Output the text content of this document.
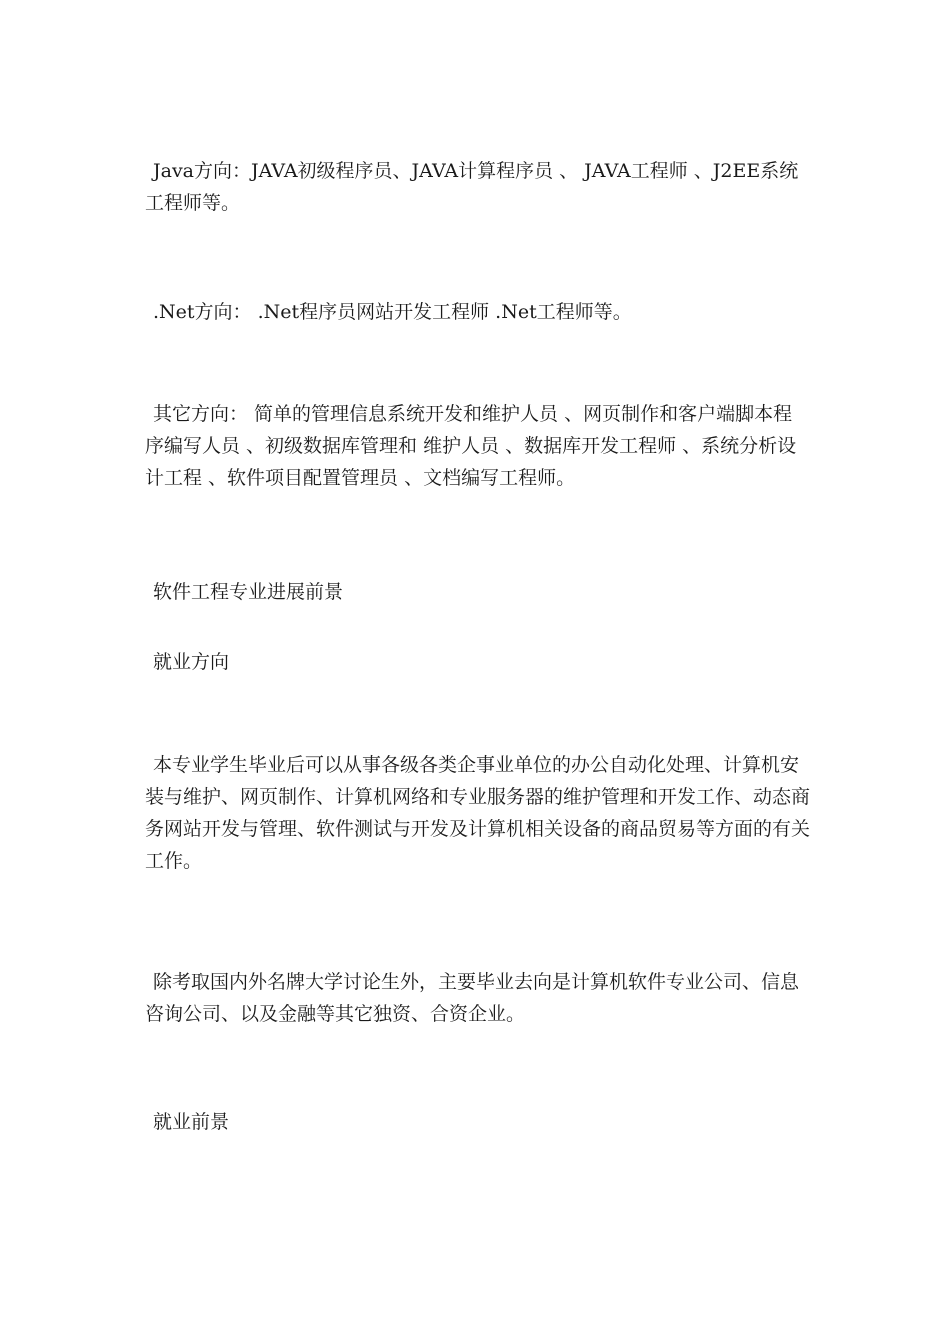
Java方向：JAVA初级程序员、JAVA计算程序员 、 JAVA工程师 、J2EE系统工程师等。

.Net方向： .Net程序员网站开发工程师 .Net工程师等。

其它方向： 简单的管理信息系统开发和维护人员 、网页制作和客户端脚本程序编写人员 、初级数据库管理和 维护人员 、数据库开发工程师 、系统分析设计工程 、软件项目配置管理员 、文档编写工程师。

软件工程专业进展前景

就业方向

本专业学生毕业后可以从事各级各类企事业单位的办公自动化处理、计算机安装与维护、网页制作、计算机网络和专业服务器的维护管理和开发工作、动态商务网站开发与管理、软件测试与开发及计算机相关设备的商品贸易等方面的有关工作。

除考取国内外名牌大学讨论生外，主要毕业去向是计算机软件专业公司、信息咨询公司、以及金融等其它独资、合资企业。

就业前景
